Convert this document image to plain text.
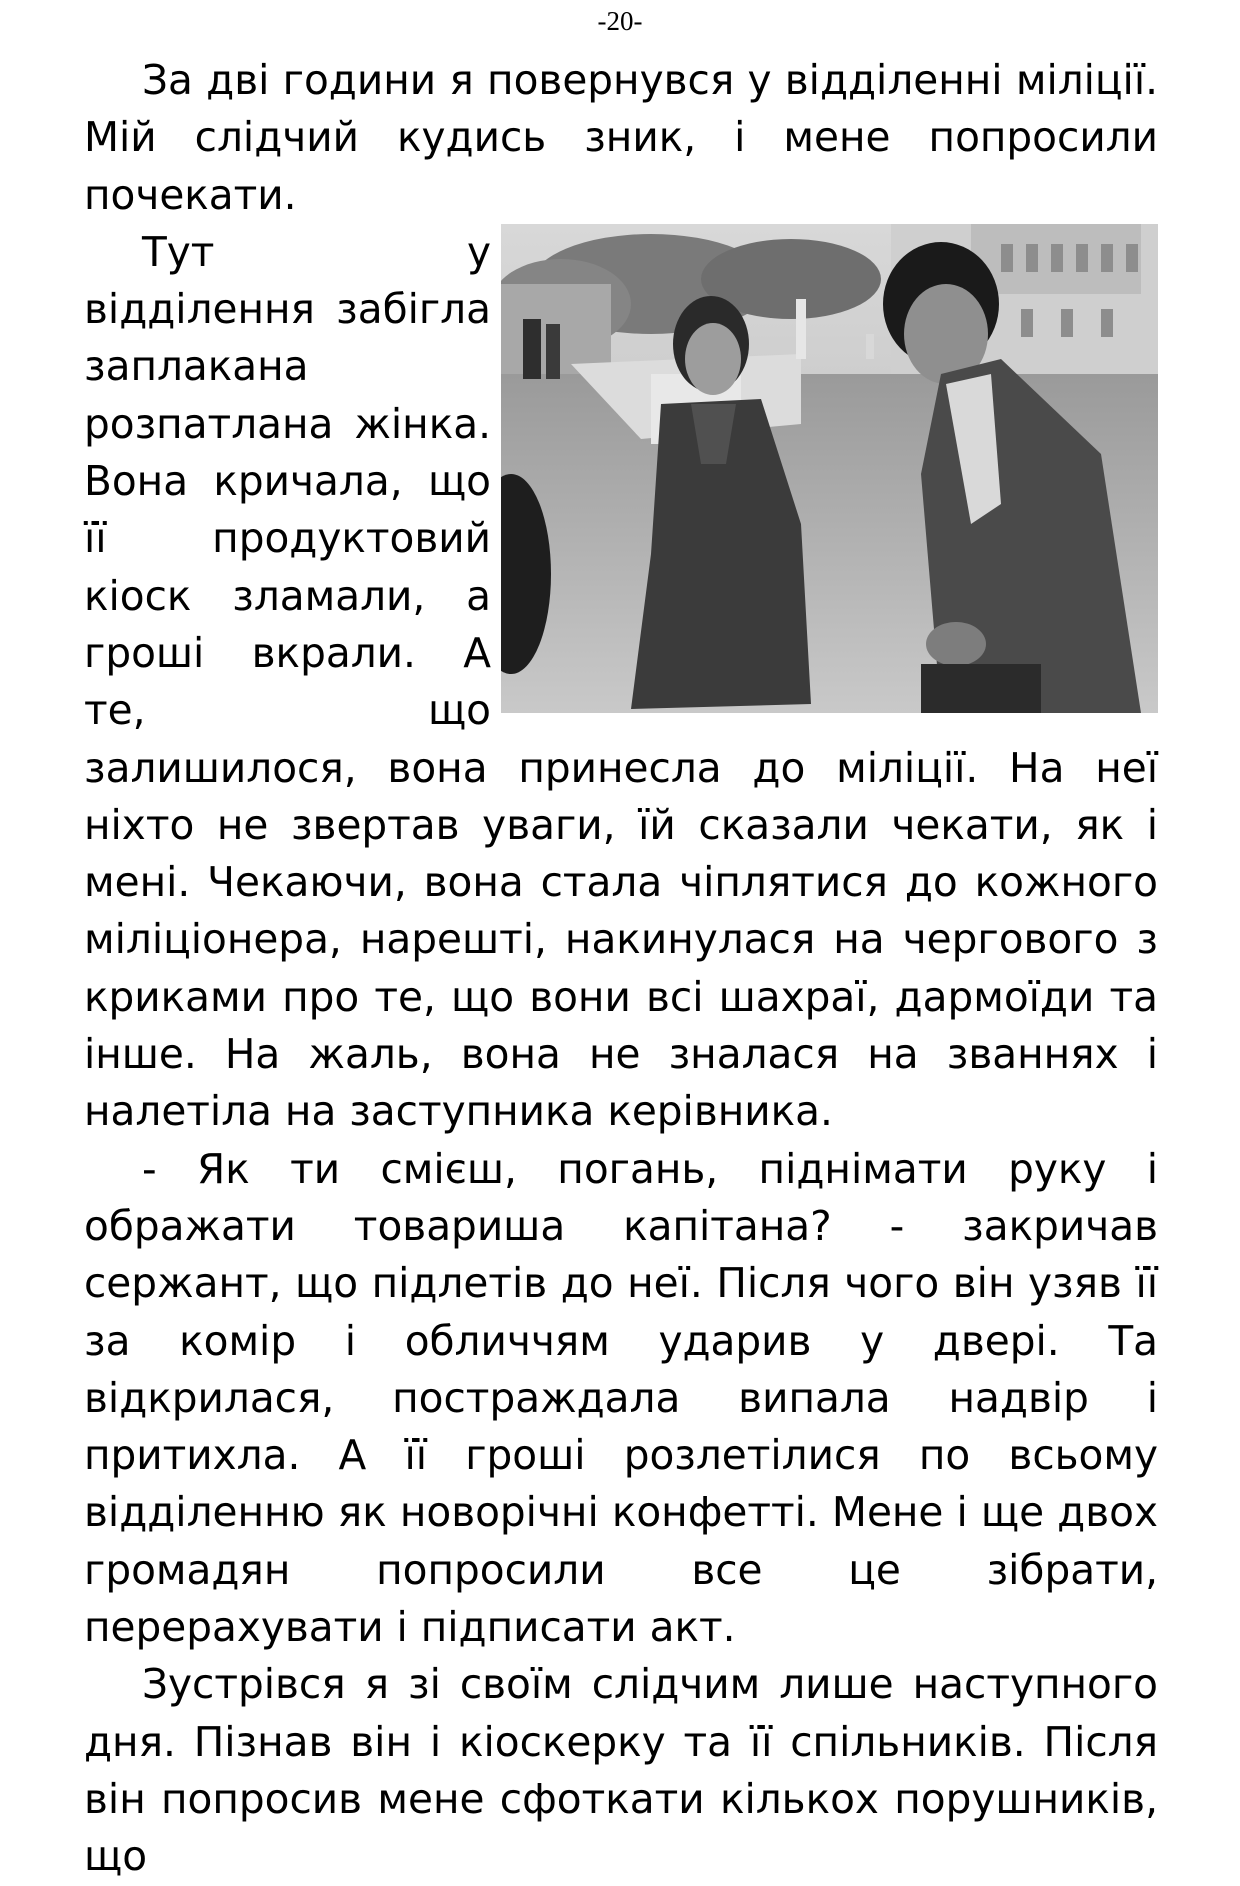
-20-

За дві години я повернувся у відділенні міліції. Мій слідчий кудись зник, і мене попросили почекати.

Тут у відділення забігла заплакана розпатлана жінка. Вона кричала, що її продуктовий кіоск зламали, а гроші вкрали. А те, що залишилося, вона принесла до міліції. На неї ніхто не звертав уваги, їй сказали чекати, як і мені. Чекаючи, вона стала чіплятися до кожного міліціонера, нарешті, накинулася на чергового з криками про те, що вони всі шахраї, дармоїди та інше. На жаль, вона не зналася на званнях і налетіла на заступника керівника.

- Як ти смієш, погань, піднімати руку і ображати товариша капітана? - закричав сержант, що підлетів до неї. Після чого він узяв її за комір і обличчям ударив у двері. Та відкрилася, постраждала випала надвір і притихла. А її гроші розлетілися по всьому відділенню як новорічні конфетті. Мене і ще двох громадян попросили все це зібрати, перерахувати і підписати акт.

Зустрівся я зі своїм слідчим лише наступного дня. Пізнав він і кіоскерку та її спільників. Після він попросив мене сфоткати кількох порушників, що
